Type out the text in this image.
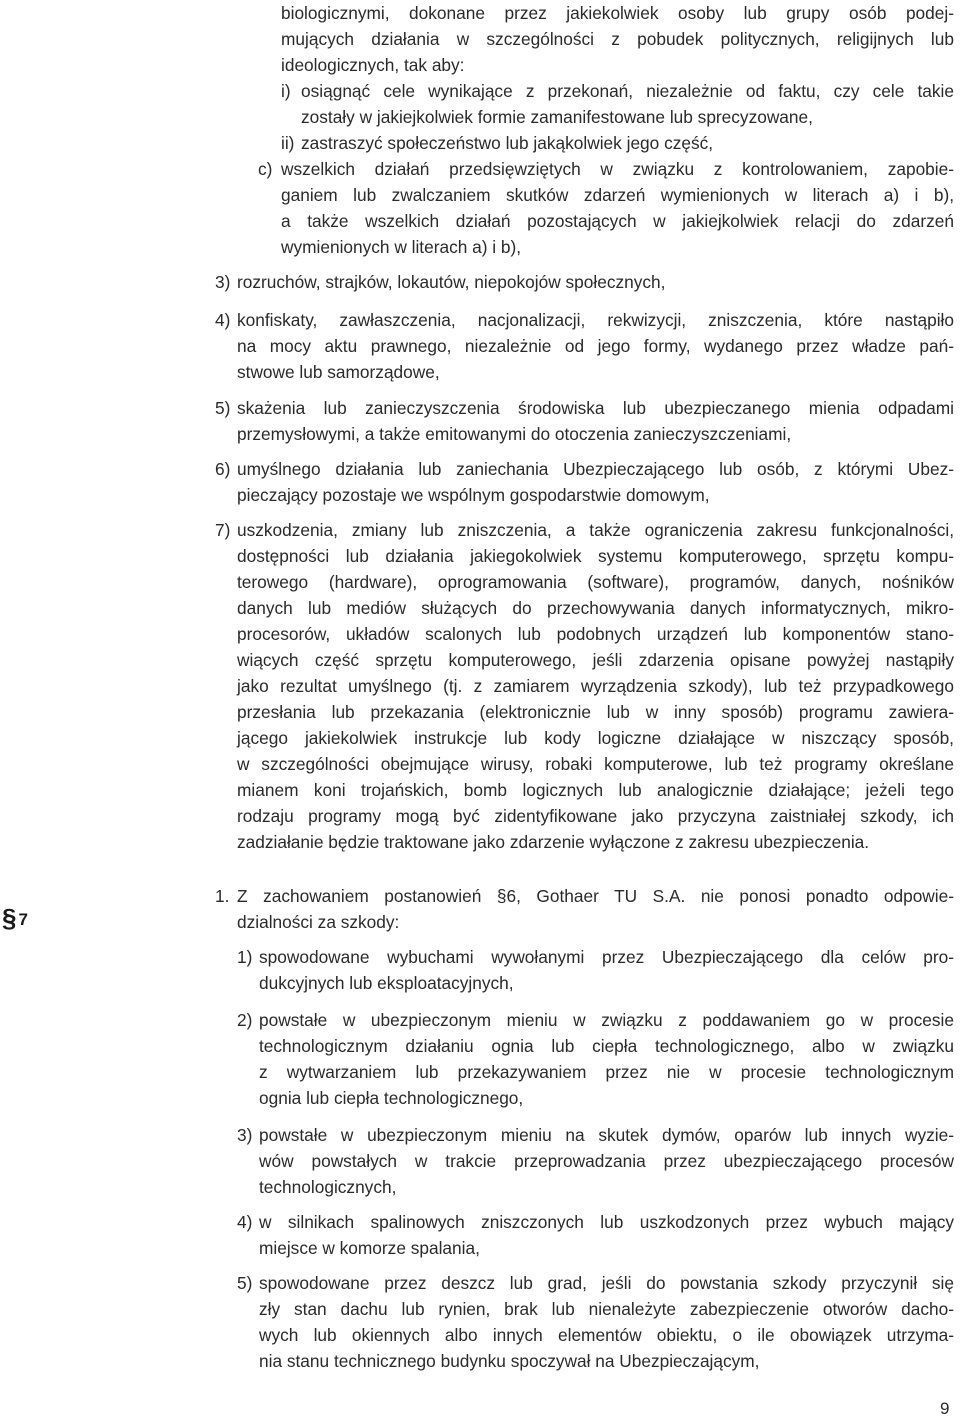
biologicznymi, dokonane przez jakiekolwiek osoby lub grupy osób podej-
mujących działania w szczególności z pobudek politycznych, religijnych lub
ideologicznych, tak aby:
i) osiągnąć cele wynikające z przekonań, niezależnie od faktu, czy cele takie
zostały w jakiejkolwiek formie zamanifestowane lub sprecyzowane,
ii) zastraszyć społeczeństwo lub jakąkolwiek jego część,
c) wszelkich działań przedsięwziętych w związku z kontrolowaniem, zapobie-
ganiem lub zwalczaniem skutków zdarzeń wymienionych w literach a) i b),
a także wszelkich działań pozostających w jakiejkolwiek relacji do zdarzeń
wymienionych w literach a) i b),
3) rozruchów, strajków, lokautów, niepokojów społecznych,
4) konfiskaty, zawłaszczenia, nacjonalizacji, rekwizycji, zniszczenia, które nastąpiło
na mocy aktu prawnego, niezależnie od jego formy, wydanego przez władze pań-
stwowe lub samorządowe,
5) skażenia lub zanieczyszczenia środowiska lub ubezpieczanego mienia odpadami
przemysłowymi, a także emitowanymi do otoczenia zanieczyszczeniami,
6) umyślnego działania lub zaniechania Ubezpieczającego lub osób, z którymi Ubez-
pieczający pozostaje we wspólnym gospodarstwie domowym,
7) uszkodzenia, zmiany lub zniszczenia, a także ograniczenia zakresu funkcjonalności,
dostępności lub działania jakiegokolwiek systemu komputerowego, sprzętu kompu-
terowego (hardware), oprogramowania (software), programów, danych, nośników
danych lub mediów służących do przechowywania danych informatycznych, mikro-
procesorów, układów scalonych lub podobnych urządzeń lub komponentów stano-
wiących część sprzętu komputerowego, jeśli zdarzenia opisane powyżej nastąpiły
jako rezultat umyślnego (tj. z zamiarem wyrządzenia szkody), lub też przypadkowego
przesłania lub przekazania (elektronicznie lub w inny sposób) programu zawiera-
jącego jakiekolwiek instrukcje lub kody logiczne działające w niszczący sposób,
w szczególności obejmujące wirusy, robaki komputerowe, lub też programy określane
mianem koni trojańskich, bomb logicznych lub analogicznie działające; jeżeli tego
rodzaju programy mogą być zidentyfikowane jako przyczyna zaistniałej szkody, ich
zadziałanie będzie traktowane jako zdarzenie wyłączone z zakresu ubezpieczenia.
§ 7
1. Z zachowaniem postanowień §6, Gothaer TU S.A. nie ponosi ponadto odpowie-
dzialności za szkody:
1) spowodowane wybuchami wywołanymi przez Ubezpieczającego dla celów pro-
dukcyjnych lub eksploatacyjnych,
2) powstałe w ubezpieczonym mieniu w związku z poddawaniem go w procesie
technologicznym działaniu ognia lub ciepła technologicznego, albo w związku
z wytwarzaniem lub przekazywaniem przez nie w procesie technologicznym
ognia lub ciepła technologicznego,
3) powstałe w ubezpieczonym mieniu na skutek dymów, oparów lub innych wyzie-
wów powstałych w trakcie przeprowadzania przez ubezpieczającego procesów
technologicznych,
4) w silnikach spalinowych zniszczonych lub uszkodzonych przez wybuch mający
miejsce w komorze spalania,
5) spowodowane przez deszcz lub grad, jeśli do powstania szkody przyczynił się
zły stan dachu lub rynien, brak lub nienależyte zabezpieczenie otworów dacho-
wych lub okiennych albo innych elementów obiektu, o ile obowiązek utrzyma-
nia stanu technicznego budynku spoczywał na Ubezpieczającym,
9
